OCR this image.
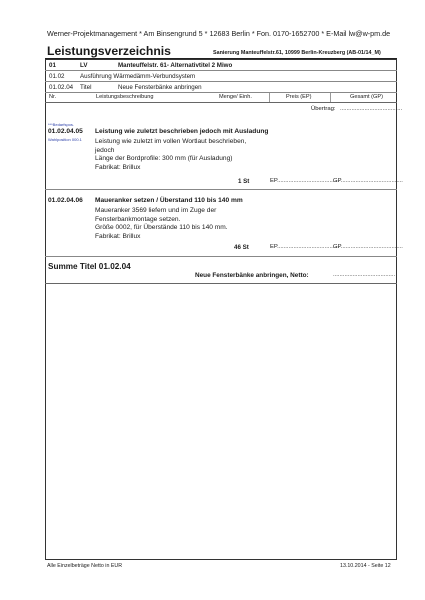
Werner-Projektmanagement * Am Binsengrund 5 * 12683 Berlin * Fon. 0170-1652700 * E-Mail lw@w-pm.de
Leistungsverzeichnis	Sanierung Manteuffelstr.61, 10999 Berlin-Kreuzberg (AB-01/14_M)
01	LV	Manteuffelstr. 61- Alternativtitel 2 Miwo
01.02	Ausführung Wärmedämm-Verbundsystem
01.02.04 Titel	Neue Fensterbänke anbringen
Nr.	Leistungsbeschreibung	Menge/ Einh.	Preis (EP)	Gesamt (GP)
Übertrag: ......................................
***Bedarfspos.
01.02.04.05
Wahlposition 000.1
Leistung wie zuletzt beschrieben jedoch mit Ausladung
Leistung wie zuletzt im vollen Wortlaut beschrieben,
jedoch
Länge der Bordprofile: 300 mm (für Ausladung)
Fabrikat: Brillux
1 St	EP......................................
GP......................................
01.02.04.06 Maueranker setzen / Überstand 110 bis 140 mm
Maueranker 3569 liefern und im Zuge der
Fensterbankmontage setzen.
Größe 0002, für Überstände 110 bis 140 mm.
Fabrikat: Brillux
46 St	EP......................................
GP......................................
Summe Titel 01.02.04
Neue Fensterbänke anbringen, Netto:	......................................
Alle Einzelbeträge Netto in EUR	13.10.2014 - Seite 12
